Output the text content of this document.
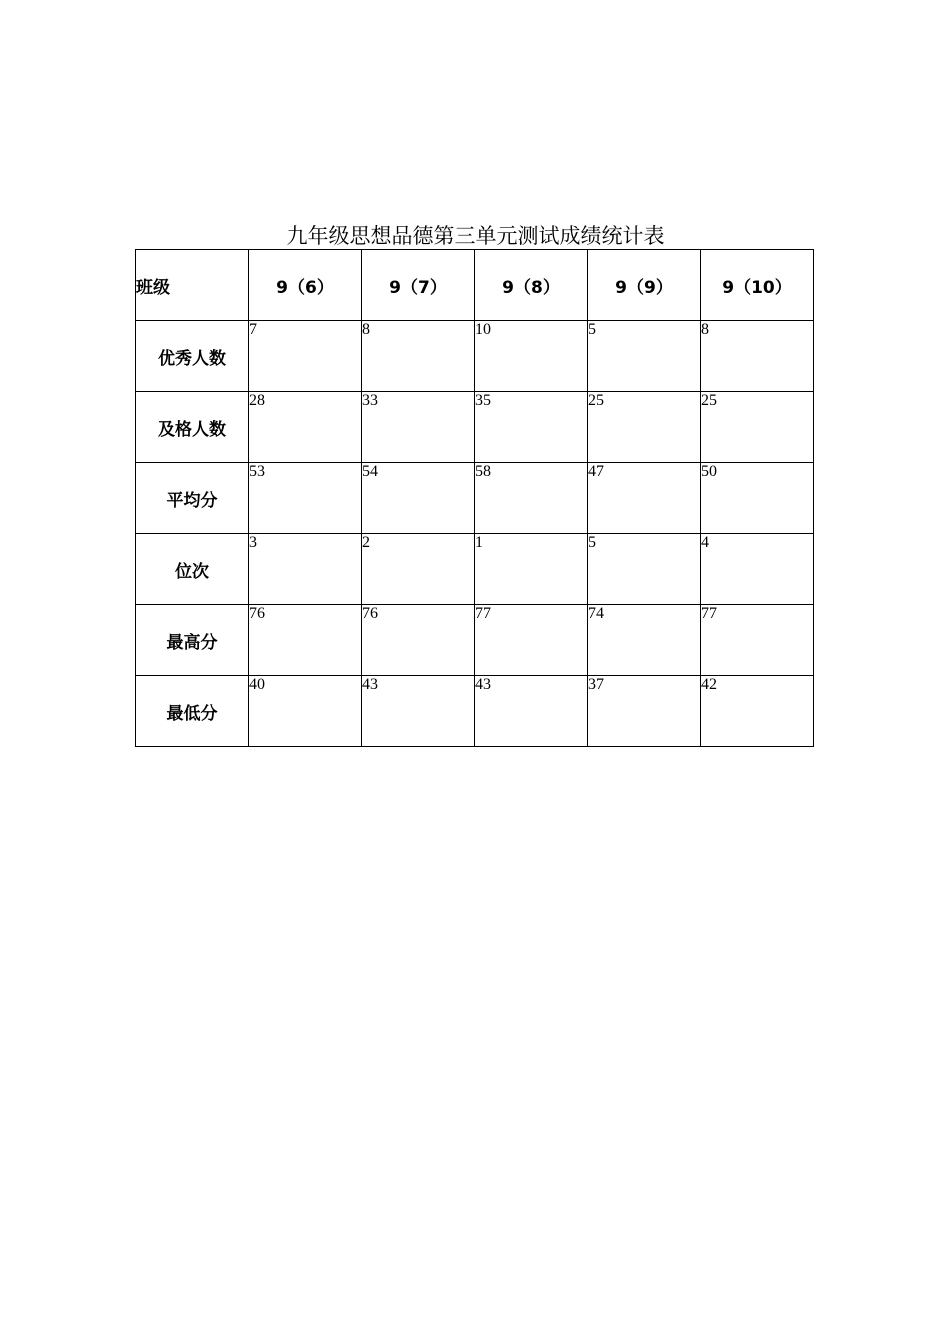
九年级思想品德第三单元测试成绩统计表
班级	9（6）	9（7）	9（8）	9（9）	9（10）
优秀人数	7	8	10	5	8
及格人数	28	33	35	25	25
平均分	53	54	58	47	50
位次	3	2	1	5	4
最高分	76	76	77	74	77
最低分	40	43	43	37	42
